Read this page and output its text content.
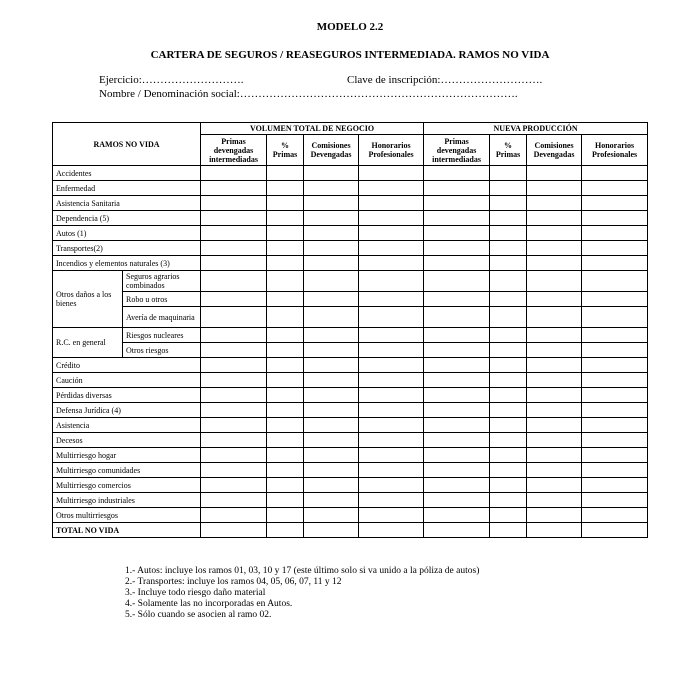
MODELO 2.2
CARTERA DE SEGUROS / REASEGUROS INTERMEDIADA. RAMOS NO VIDA
Ejercicio:……………………….	Clave de inscripción:……………………….
Nombre / Denominación social:………………………………………………………………….
RAMOS NO VIDA		VOLUMEN TOTAL DE NEGOCIO				NUEVA PRODUCCIÓN			
		Primas devengadas intermediadas	% Primas	Comisiones Devengadas	Honorarios Profesionales	Primas devengadas intermediadas	% Primas	Comisiones Devengadas	Honorarios Profesionales
Accidentes									
Enfermedad									
Asistencia Sanitaria									
Dependencia (5)									
Autos (1)									
Transportes(2)									
Incendios y elementos naturales (3)									
Otros daños a los bienes	Seguros agrarios combinados								
	Robo u otros								
	Avería de maquinaria								
R.C. en general	Riesgos nucleares								
	Otros riesgos								
Crédito									
Caución									
Pérdidas diversas									
Defensa Jurídica (4)									
Asistencia									
Decesos									
Multirriesgo hogar									
Multirriesgo comunidades									
Multirriesgo comercios									
Multirriesgo industriales									
Otros multirriesgos									
TOTAL NO VIDA									
1.- Autos: incluye los ramos 01, 03, 10 y 17 (este último solo si va unido a la póliza de autos)
2.- Transportes: incluye los ramos 04, 05, 06, 07, 11 y 12
3.- Incluye todo riesgo daño material
4.- Solamente las no incorporadas en Autos.
5.- Sólo cuando se asocien al ramo 02.
